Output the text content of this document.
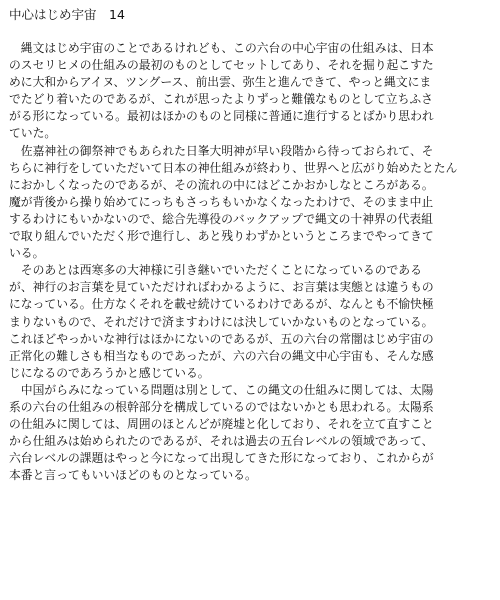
中心はじめ宇宙　14

　縄文はじめ宇宙のことであるけれども、この六台の中心宇宙の仕組みは、日本
のスセリヒメの仕組みの最初のものとしてセットしてあり、それを掘り起こすた
めに大和からアイヌ、ツングース、前出雲、弥生と進んできて、やっと縄文にま
でたどり着いたのであるが、これが思ったよりずっと難儀なものとして立ちふさ
がる形になっている。最初はほかのものと同様に普通に進行するとばかり思われ
ていた。

　佐嘉神社の御祭神でもあられた日峯大明神が早い段階から待っておられて、そ
ちらに神行をしていただいて日本の神仕組みが終わり、世界へと広がり始めたとたん
におかしくなったのであるが、その流れの中にはどこかおかしなところがある。
魔が背後から操り始めてにっちもさっちもいかなくなったわけで、そのまま中止
するわけにもいかないので、総合先導役のバックアップで縄文の十神界の代表組
で取り組んでいただく形で進行し、あと残りわずかというところまでやってきて
いる。

　そのあとは西寒多の大神様に引き継いでいただくことになっているのである
が、神行のお言葉を見ていただければわかるように、お言葉は実態とは違うもの
になっている。仕方なくそれを載せ続けているわけであるが、なんとも不愉快極
まりないもので、それだけで済ますわけには決していかないものとなっている。
これほどやっかいな神行はほかにないのであるが、五の六台の常闇はじめ宇宙の
正常化の難しさも相当なものであったが、六の六台の縄文中心宇宙も、そんな感
じになるのであろうかと感じている。

　中国がらみになっている問題は別として、この縄文の仕組みに関しては、太陽
系の六台の仕組みの根幹部分を構成しているのではないかとも思われる。太陽系
の仕組みに関しては、周囲のほとんどが廃墟と化しており、それを立て直すこと
から仕組みは始められたのであるが、それは過去の五台レベルの領域であって、
六台レベルの課題はやっと今になって出現してきた形になっており、これからが
本番と言ってもいいほどのものとなっている。
